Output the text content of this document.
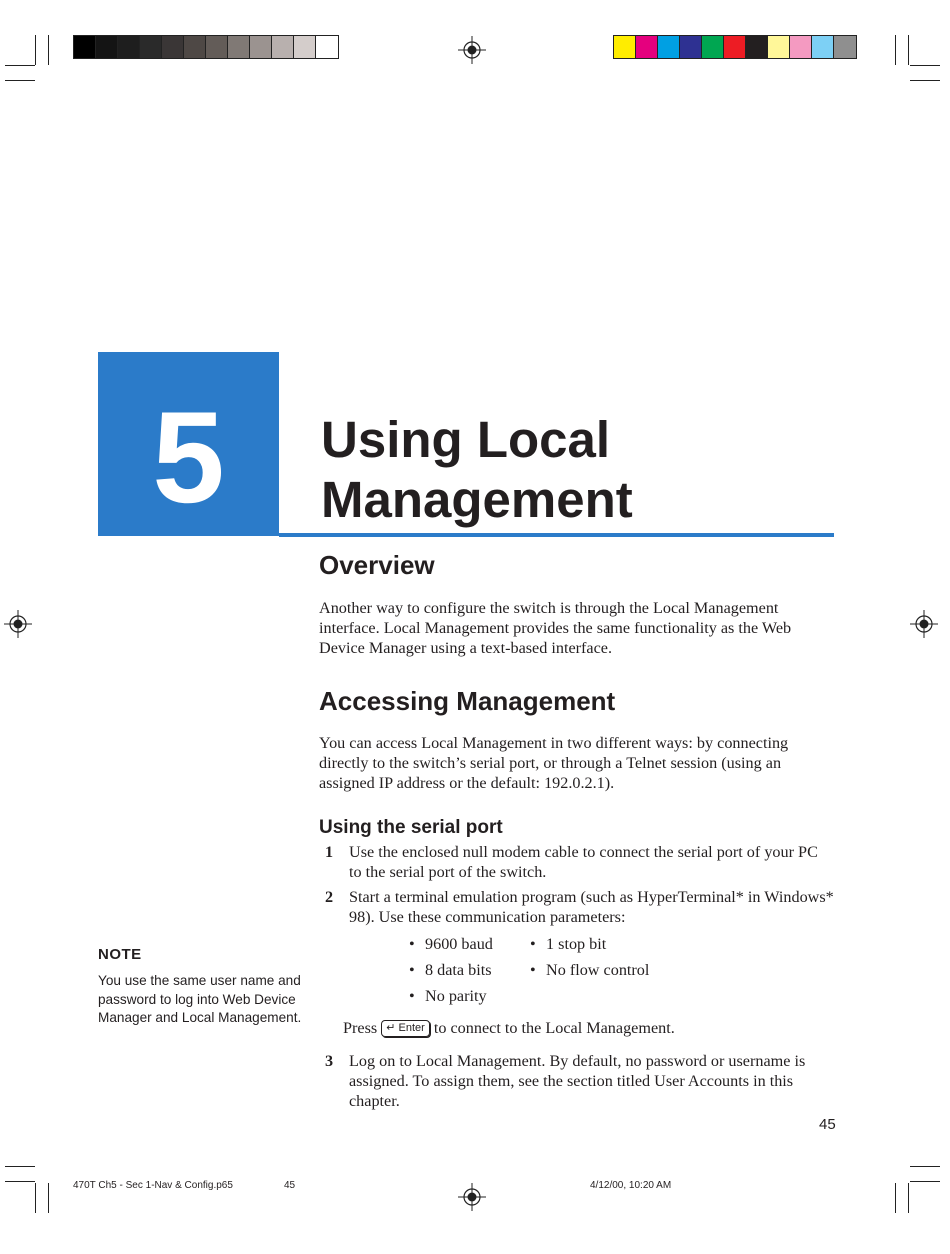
5	Using Local
Management
Overview
Another way to configure the switch is through the Local Management interface. Local Management provides the same functionality as the Web Device Manager using a text-based interface.
Accessing Management
You can access Local Management in two different ways: by connecting directly to the switch’s serial port, or through a Telnet session (using an assigned IP address or the default: 192.0.2.1).
Using the serial port
1 Use the enclosed null modem cable to connect the serial port of your PC to the serial port of the switch.
2 Start a terminal emulation program (such as HyperTerminal* in Windows* 98). Use these communication parameters:
• 9600 baud
• 8 data bits
• No parity
• 1 stop bit
• No flow control
Press ↵ Enter to connect to the Local Management.
3 Log on to Local Management. By default, no password or username is assigned. To assign them, see the section titled User Accounts in this chapter.
NOTE
You use the same user name and password to log into Web Device Manager and Local Management.
45
470T Ch5 - Sec 1-Nav & Config.p65	45	4/12/00, 10:20 AM
